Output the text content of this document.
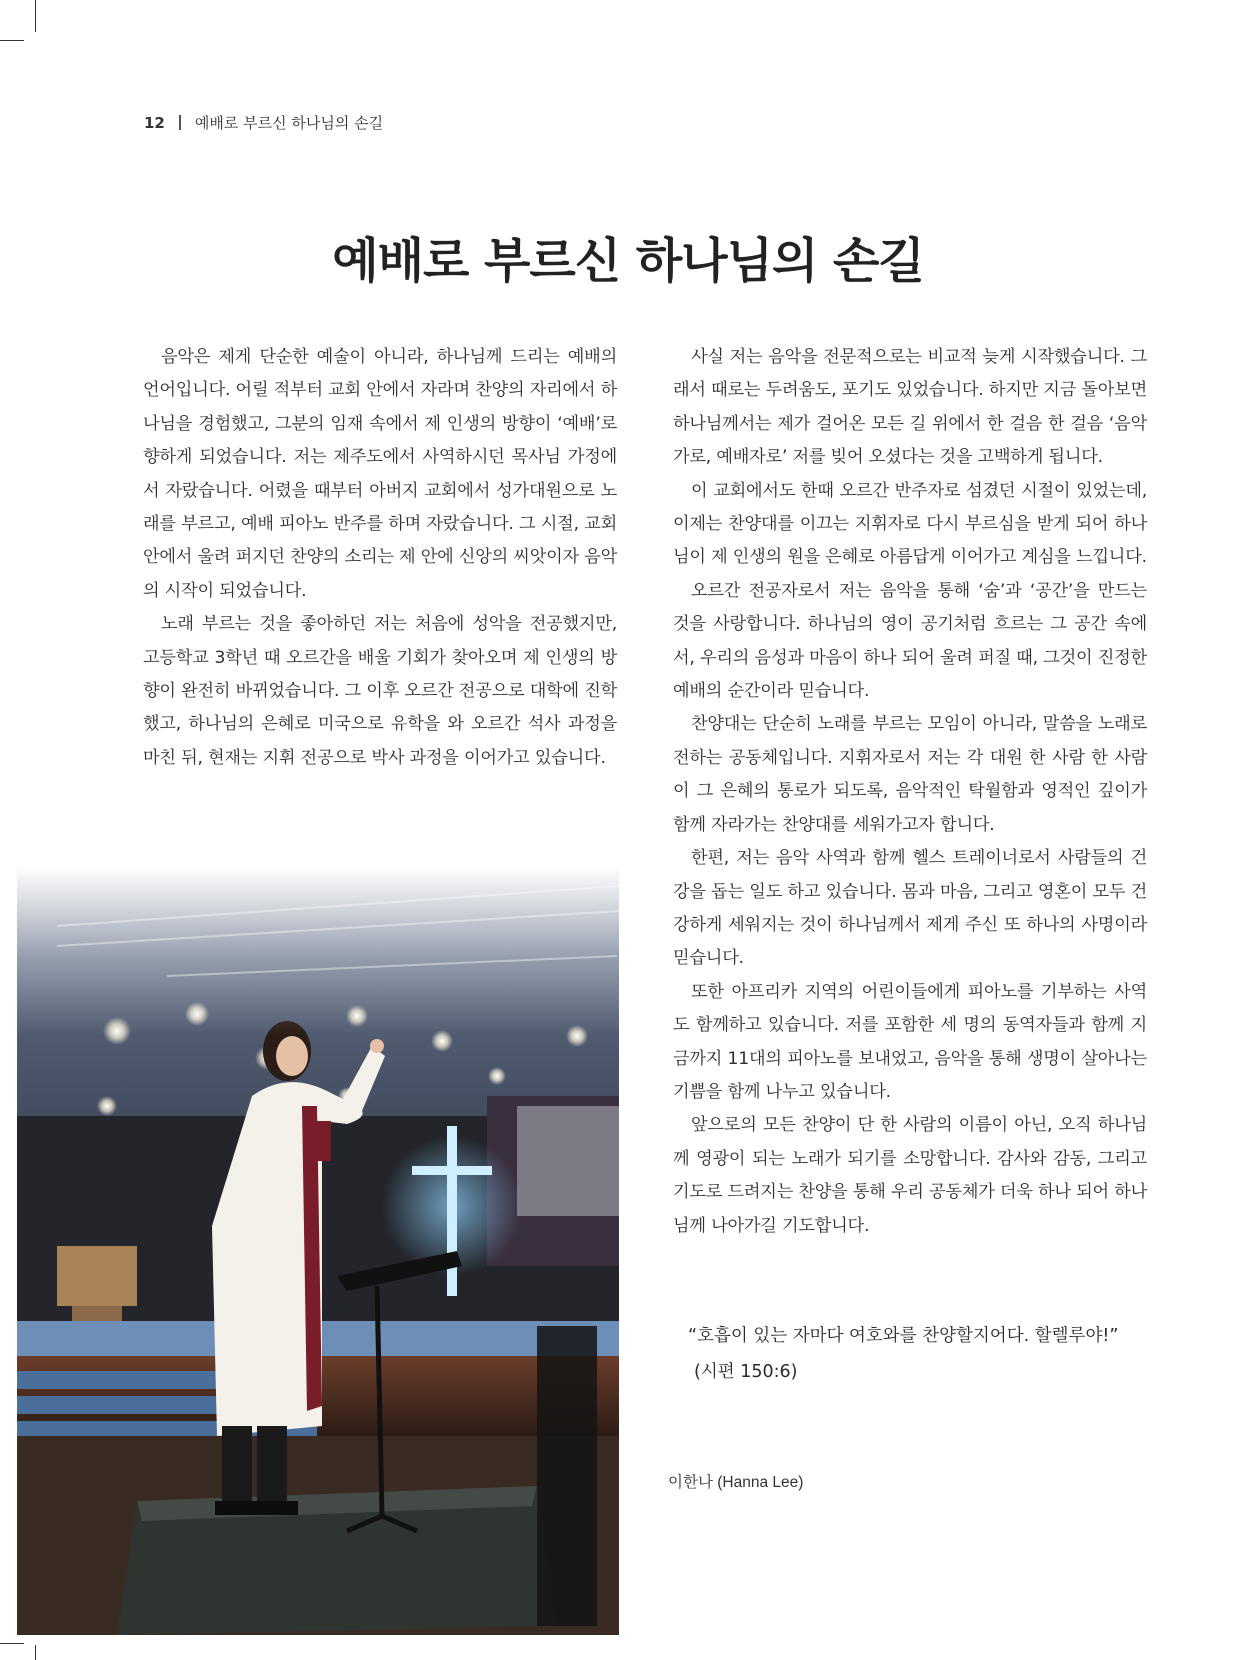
12 예배로 부르신 하나님의 손길
예배로 부르신 하나님의 손길

음악은 제게 단순한 예술이 아니라, 하나님께 드리는 예배의 언어입니다. 어릴 적부터 교회 안에서 자라며 찬양의 자리에서 하나님을 경험했고, 그분의 임재 속에서 제 인생의 방향이 ‘예배’로 향하게 되었습니다. 저는 제주도에서 사역하시던 목사님 가정에서 자랐습니다. 어렸을 때부터 아버지 교회에서 성가대원으로 노래를 부르고, 예배 피아노 반주를 하며 자랐습니다. 그 시절, 교회 안에서 울려 퍼지던 찬양의 소리는 제 안에 신앙의 씨앗이자 음악의 시작이 되었습니다.

노래 부르는 것을 좋아하던 저는 처음에 성악을 전공했지만, 고등학교 3학년 때 오르간을 배울 기회가 찾아오며 제 인생의 방향이 완전히 바뀌었습니다. 그 이후 오르간 전공으로 대학에 진학했고, 하나님의 은혜로 미국으로 유학을 와 오르간 석사 과정을 마친 뒤, 현재는 지휘 전공으로 박사 과정을 이어가고 있습니다.

사실 저는 음악을 전문적으로는 비교적 늦게 시작했습니다. 그래서 때로는 두려움도, 포기도 있었습니다. 하지만 지금 돌아보면 하나님께서는 제가 걸어온 모든 길 위에서 한 걸음 한 걸음 ‘음악가로, 예배자로’ 저를 빚어 오셨다는 것을 고백하게 됩니다.

이 교회에서도 한때 오르간 반주자로 섬겼던 시절이 있었는데, 이제는 찬양대를 이끄는 지휘자로 다시 부르심을 받게 되어 하나님이 제 인생의 원을 은혜로 아름답게 이어가고 계심을 느낍니다.

오르간 전공자로서 저는 음악을 통해 ‘숨’과 ‘공간’을 만드는 것을 사랑합니다. 하나님의 영이 공기처럼 흐르는 그 공간 속에서, 우리의 음성과 마음이 하나 되어 울려 퍼질 때, 그것이 진정한 예배의 순간이라 믿습니다.

찬양대는 단순히 노래를 부르는 모임이 아니라, 말씀을 노래로 전하는 공동체입니다. 지휘자로서 저는 각 대원 한 사람 한 사람이 그 은혜의 통로가 되도록, 음악적인 탁월함과 영적인 깊이가 함께 자라가는 찬양대를 세워가고자 합니다.

한편, 저는 음악 사역과 함께 헬스 트레이너로서 사람들의 건강을 돕는 일도 하고 있습니다. 몸과 마음, 그리고 영혼이 모두 건강하게 세워지는 것이 하나님께서 제게 주신 또 하나의 사명이라 믿습니다.

또한 아프리카 지역의 어린이들에게 피아노를 기부하는 사역도 함께하고 있습니다. 저를 포함한 세 명의 동역자들과 함께 지금까지 11대의 피아노를 보내었고, 음악을 통해 생명이 살아나는 기쁨을 함께 나누고 있습니다.

앞으로의 모든 찬양이 단 한 사람의 이름이 아닌, 오직 하나님께 영광이 되는 노래가 되기를 소망합니다. 감사와 감동, 그리고 기도로 드려지는 찬양을 통해 우리 공동체가 더욱 하나 되어 하나님께 나아가길 기도합니다.

“호흡이 있는 자마다 여호와를 찬양할지어다. 할렐루야!”
(시편 150:6)
이한나 (Hanna Lee)
